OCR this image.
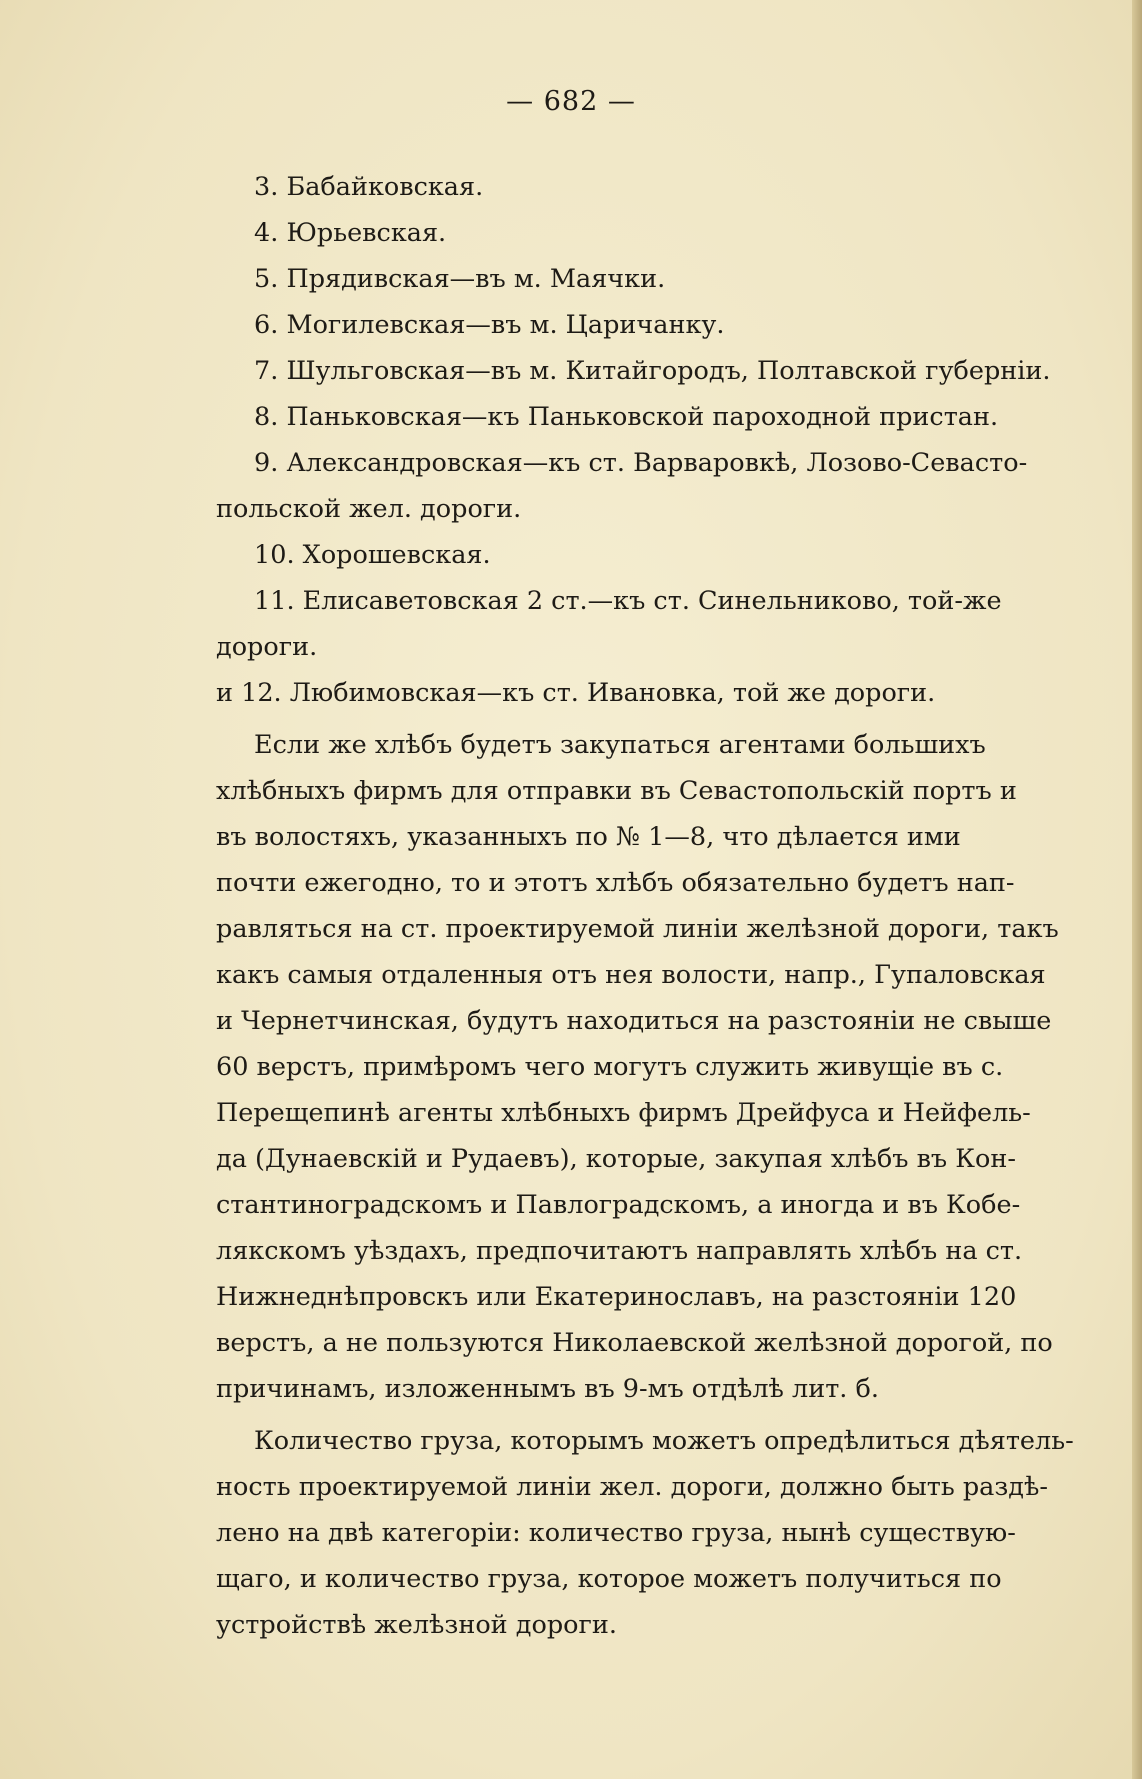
— 682 —
3. Бабайковская.
4. Юрьевская.
5. Прядивская—въ м. Маячки.
6. Могилевская—въ м. Царичанку.
7. Шульговская—въ м. Китайгородъ, Полтавской губерніи.
8. Паньковская—къ Паньковской пароходной пристан.
9. Александровская—къ ст. Варваровкѣ, Лозово-Севасто-
польской жел. дороги.
10. Хорошевская.
11. Елисаветовская 2 ст.—къ ст. Синельниково, той-же
дороги.
и 12. Любимовская—къ ст. Ивановка, той же дороги.
Если же хлѣбъ будетъ закупаться агентами большихъ
хлѣбныхъ фирмъ для отправки въ Севастопольскій портъ и
въ волостяхъ, указанныхъ по № 1—8, что дѣлается ими
почти ежегодно, то и этотъ хлѣбъ обязательно будетъ нап-
равляться на ст. проектируемой линіи желѣзной дороги, такъ
какъ самыя отдаленныя отъ нея волости, напр., Гупаловская
и Чернетчинская, будутъ находиться на разстояніи не свыше
60 верстъ, примѣромъ чего могутъ служить живущіе въ с.
Перещепинѣ агенты хлѣбныхъ фирмъ Дрейфуса и Нейфель-
да (Дунаевскій и Рудаевъ), которые, закупая хлѣбъ въ Кон-
стантиноградскомъ и Павлоградскомъ, а иногда и въ Кобе-
лякскомъ уѣздахъ, предпочитаютъ направлять хлѣбъ на ст.
Нижнеднѣпровскъ или Екатеринославъ, на разстояніи 120
верстъ, а не пользуются Николаевской желѣзной дорогой, по
причинамъ, изложеннымъ въ 9-мъ отдѣлѣ лит. б.
Количество груза, которымъ можетъ опредѣлиться дѣятель-
ность проектируемой линіи жел. дороги, должно быть раздѣ-
лено на двѣ категоріи: количество груза, нынѣ существую-
щаго, и количество груза, которое можетъ получиться по
устройствѣ желѣзной дороги.
